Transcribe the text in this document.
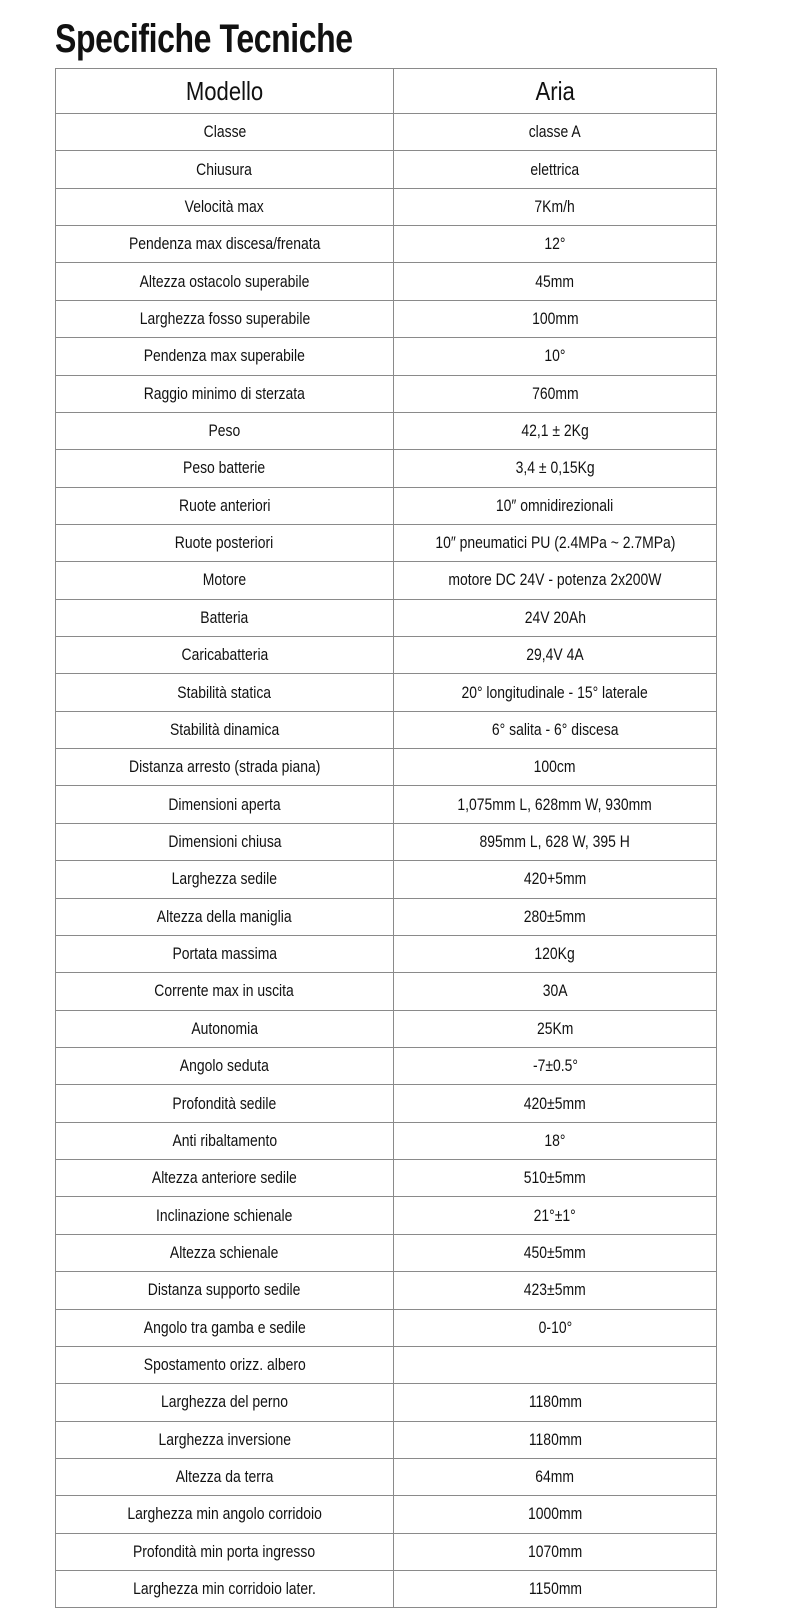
Specifiche Tecniche
Modello	Aria
Classe	classe A
Chiusura	elettrica
Velocità max	7Km/h
Pendenza max discesa/frenata	12°
Altezza ostacolo superabile	45mm
Larghezza fosso superabile	100mm
Pendenza max superabile	10°
Raggio minimo di sterzata	760mm
Peso	42,1 ± 2Kg
Peso batterie	3,4 ± 0,15Kg
Ruote anteriori	10″ omnidirezionali
Ruote posteriori	10″ pneumatici PU (2.4MPa ~ 2.7MPa)
Motore	motore DC 24V - potenza 2x200W
Batteria	24V 20Ah
Caricabatteria	29,4V 4A
Stabilità statica	20° longitudinale - 15° laterale
Stabilità dinamica	6° salita - 6° discesa
Distanza arresto (strada piana)	100cm
Dimensioni aperta	1,075mm L, 628mm W, 930mm
Dimensioni chiusa	895mm L, 628 W, 395 H
Larghezza sedile	420+5mm
Altezza della maniglia	280±5mm
Portata massima	120Kg
Corrente max in uscita	30A
Autonomia	25Km
Angolo seduta	-7±0.5°
Profondità sedile	420±5mm
Anti ribaltamento	18°
Altezza anteriore sedile	510±5mm
Inclinazione schienale	21°±1°
Altezza schienale	450±5mm
Distanza supporto sedile	423±5mm
Angolo tra gamba e sedile	0-10°
Spostamento orizz. albero	
Larghezza del perno	1180mm
Larghezza inversione	1180mm
Altezza da terra	64mm
Larghezza min angolo corridoio	1000mm
Profondità min porta ingresso	1070mm
Larghezza min corridoio later.	1150mm
